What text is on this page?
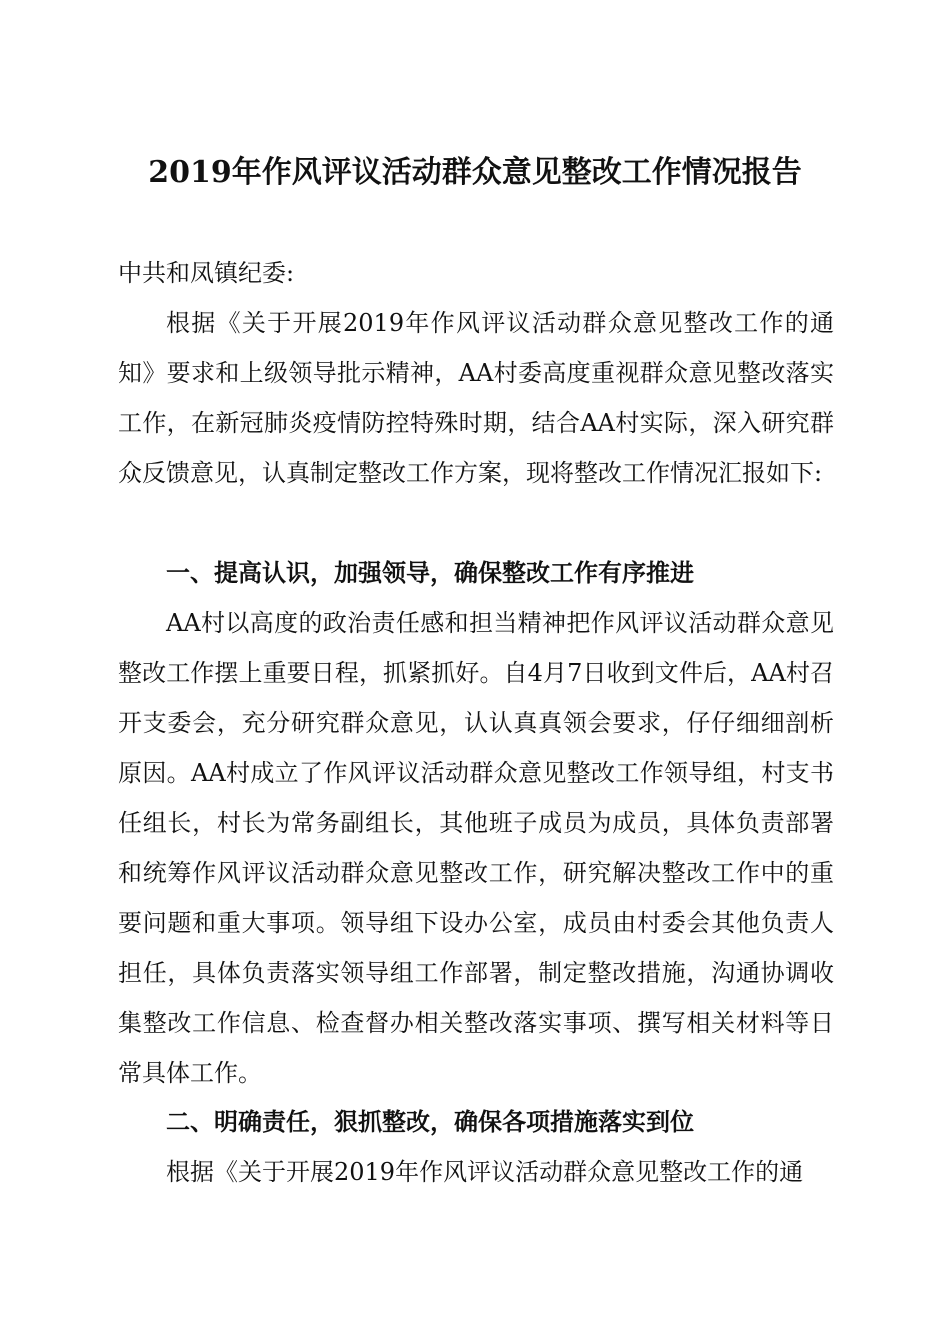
2019年作风评议活动群众意见整改工作情况报告

中共和凤镇纪委:

根据《关于开展2019年作风评议活动群众意见整改工作的通知》要求和上级领导批示精神，AA村委高度重视群众意见整改落实工作，在新冠肺炎疫情防控特殊时期，结合AA村实际，深入研究群众反馈意见，认真制定整改工作方案，现将整改工作情况汇报如下:

一、提高认识，加强领导，确保整改工作有序推进

AA村以高度的政治责任感和担当精神把作风评议活动群众意见整改工作摆上重要日程，抓紧抓好。自4月7日收到文件后，AA村召开支委会，充分研究群众意见，认认真真领会要求，仔仔细细剖析原因。AA村成立了作风评议活动群众意见整改工作领导组，村支书任组长，村长为常务副组长，其他班子成员为成员，具体负责部署和统筹作风评议活动群众意见整改工作，研究解决整改工作中的重要问题和重大事项。领导组下设办公室，成员由村委会其他负责人担任，具体负责落实领导组工作部署，制定整改措施，沟通协调收集整改工作信息、检查督办相关整改落实事项、撰写相关材料等日常具体工作。

二、明确责任，狠抓整改，确保各项措施落实到位

根据《关于开展2019年作风评议活动群众意见整改工作的通
